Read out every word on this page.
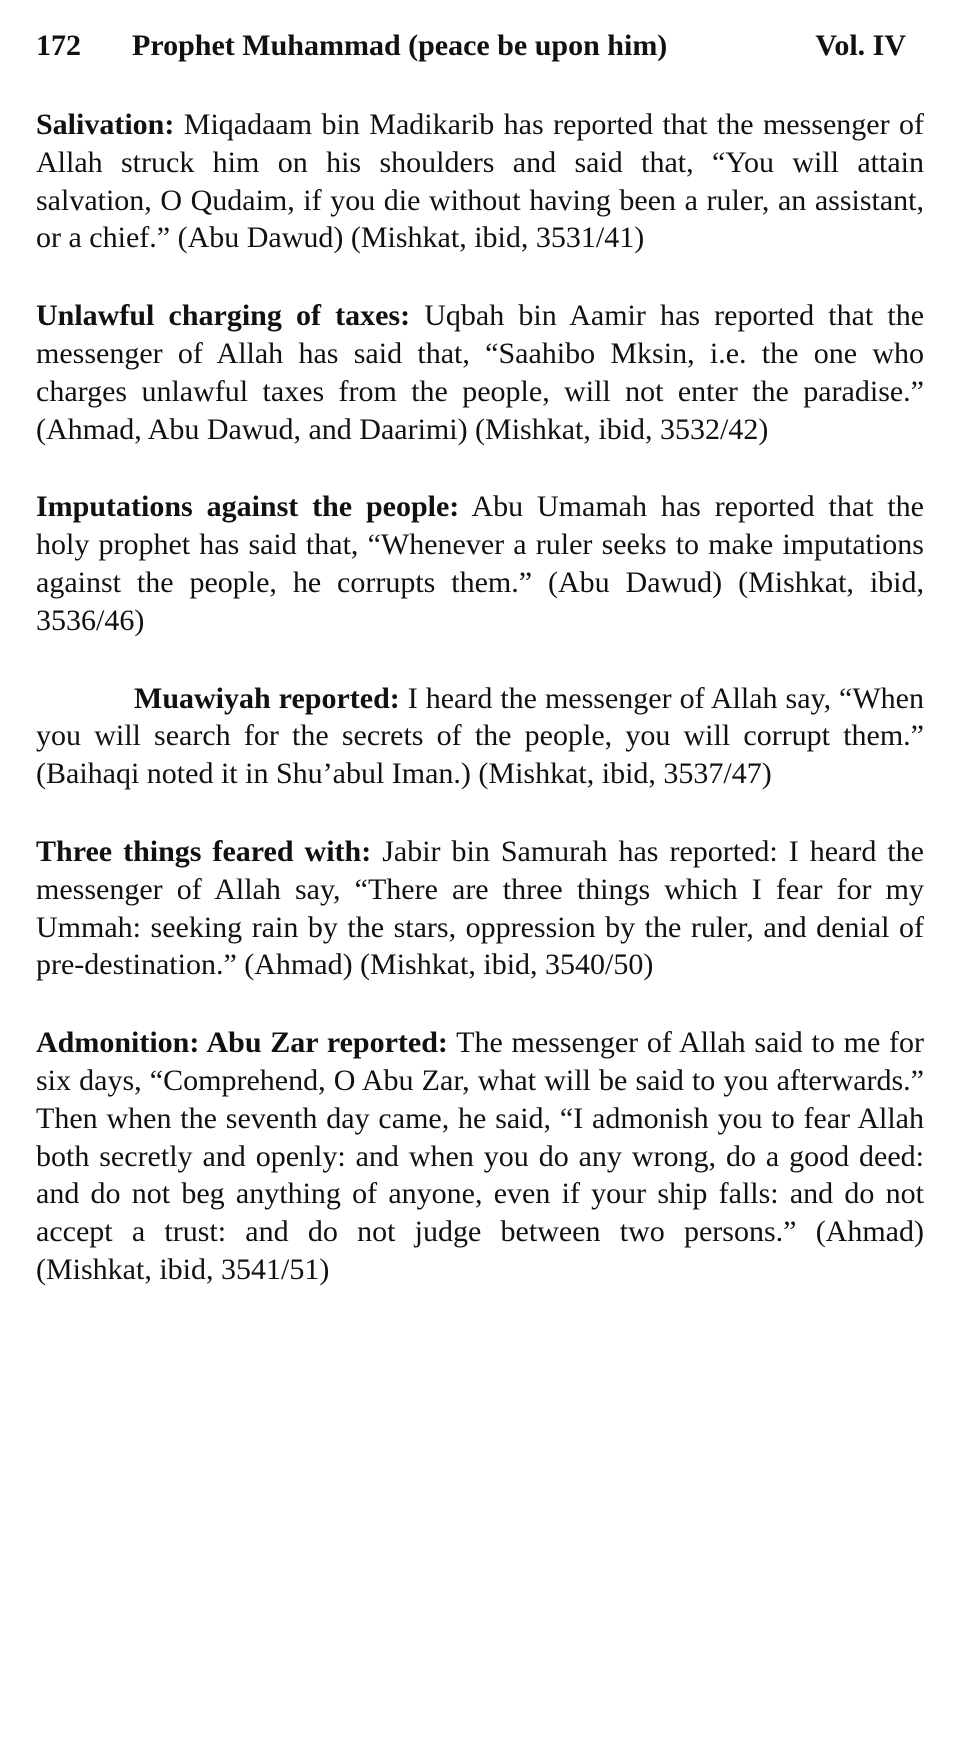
172	Prophet Muhammad (peace be upon him)	Vol. IV

Salivation: Miqadaam bin Madikarib has reported that the messenger of Allah struck him on his shoulders and said that, “You will attain salvation, O Qudaim, if you die without having been a ruler, an assistant, or a chief.” (Abu Dawud) (Mishkat, ibid, 3531/41)

Unlawful charging of taxes: Uqbah bin Aamir has reported that the messenger of Allah has said that, “Saahibo Mksin, i.e. the one who charges unlawful taxes from the people, will not enter the paradise.” (Ahmad, Abu Dawud, and Daarimi) (Mishkat, ibid, 3532/42)

Imputations against the people: Abu Umamah has reported that the holy prophet has said that, “Whenever a ruler seeks to make imputations against the people, he corrupts them.” (Abu Dawud) (Mishkat, ibid, 3536/46)

Muawiyah reported: I heard the messenger of Allah say, “When you will search for the secrets of the people, you will corrupt them.” (Baihaqi noted it in Shu’abul Iman.) (Mishkat, ibid, 3537/47)

Three things feared with: Jabir bin Samurah has reported: I heard the messenger of Allah say, “There are three things which I fear for my Ummah: seeking rain by the stars, oppression by the ruler, and denial of pre-destination.” (Ahmad) (Mishkat, ibid, 3540/50)

Admonition: Abu Zar reported: The messenger of Allah said to me for six days, “Comprehend, O Abu Zar, what will be said to you afterwards.” Then when the seventh day came, he said, “I admonish you to fear Allah both secretly and openly: and when you do any wrong, do a good deed: and do not beg anything of anyone, even if your ship falls: and do not accept a trust: and do not judge between two persons.” (Ahmad) (Mishkat, ibid, 3541/51)
